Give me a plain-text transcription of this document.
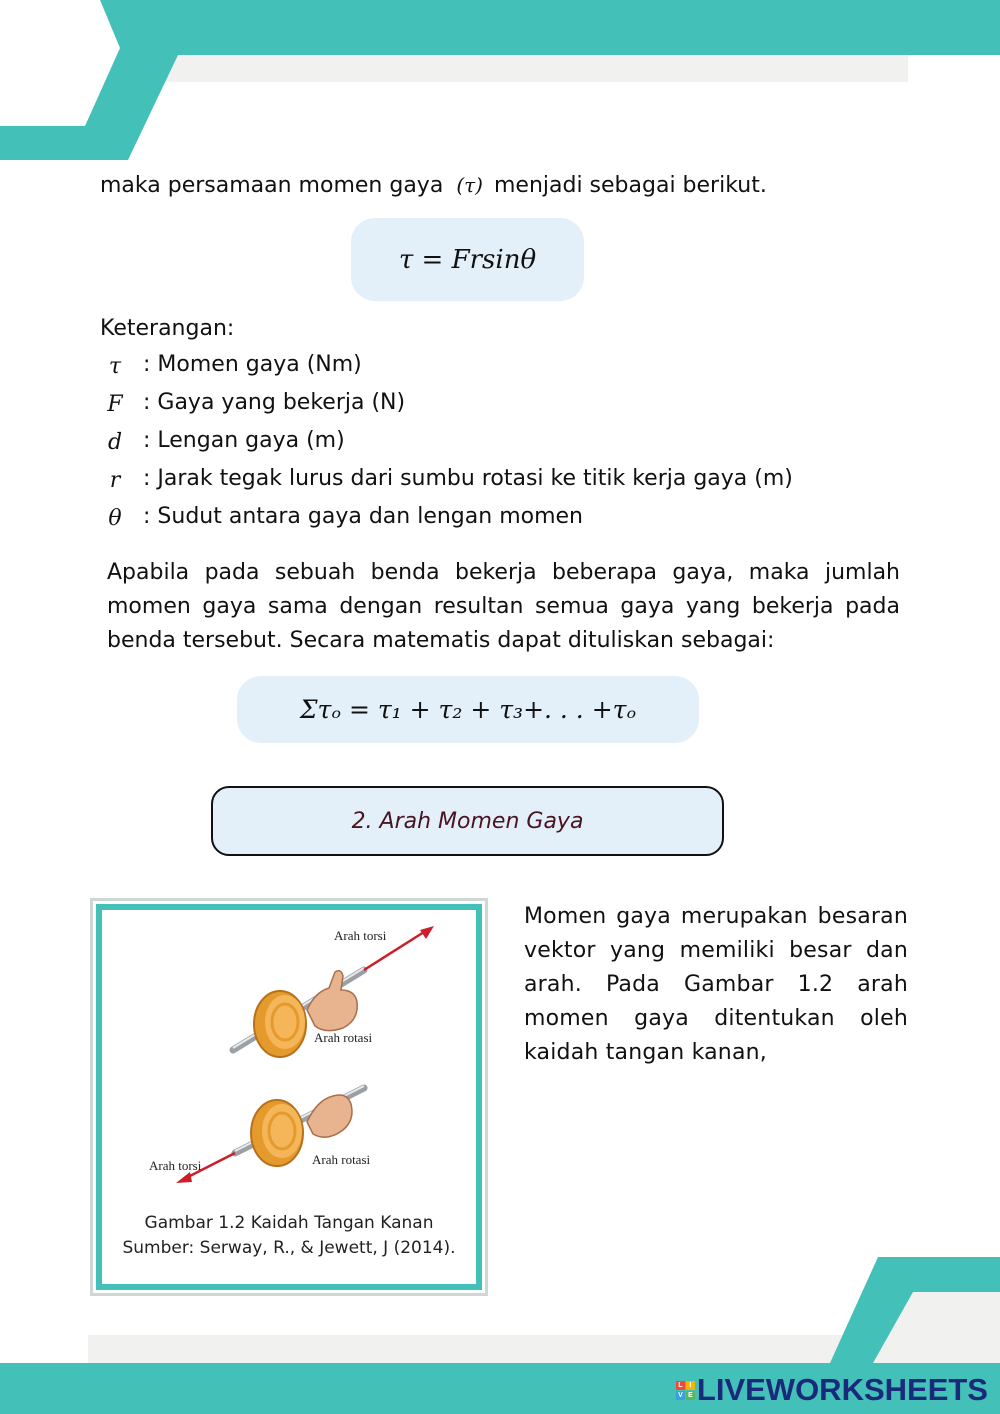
maka persamaan momen gaya (τ) menjadi sebagai berikut.
τ = Frsinθ
Keterangan:
τ : Momen gaya (Nm)
F : Gaya yang bekerja (N)
d : Lengan gaya (m)
r	: Jarak tegak lurus dari sumbu rotasi ke titik kerja gaya (m)
θ : Sudut antara gaya dan lengan momen
Apabila pada sebuah benda bekerja beberapa gaya, maka jumlah momen gaya sama dengan resultan semua gaya yang bekerja pada benda tersebut. Secara matematis dapat dituliskan sebagai:
Στₒ = τ₁ + τ₂ + τ₃+. . . +τₒ
2. Arah Momen Gaya
Arah torsi
Arah rotasi
Arah torsi	Arah rotasi
Gambar 1.2 Kaidah Tangan Kanan
Sumber: Serway, R., & Jewett, J (2014).
Momen gaya merupakan besaran vektor yang memiliki besar dan arah. Pada Gambar 1.2 arah momen gaya ditentukan oleh kaidah tangan kanan,
L I
V E LIVEWORKSHEETS
